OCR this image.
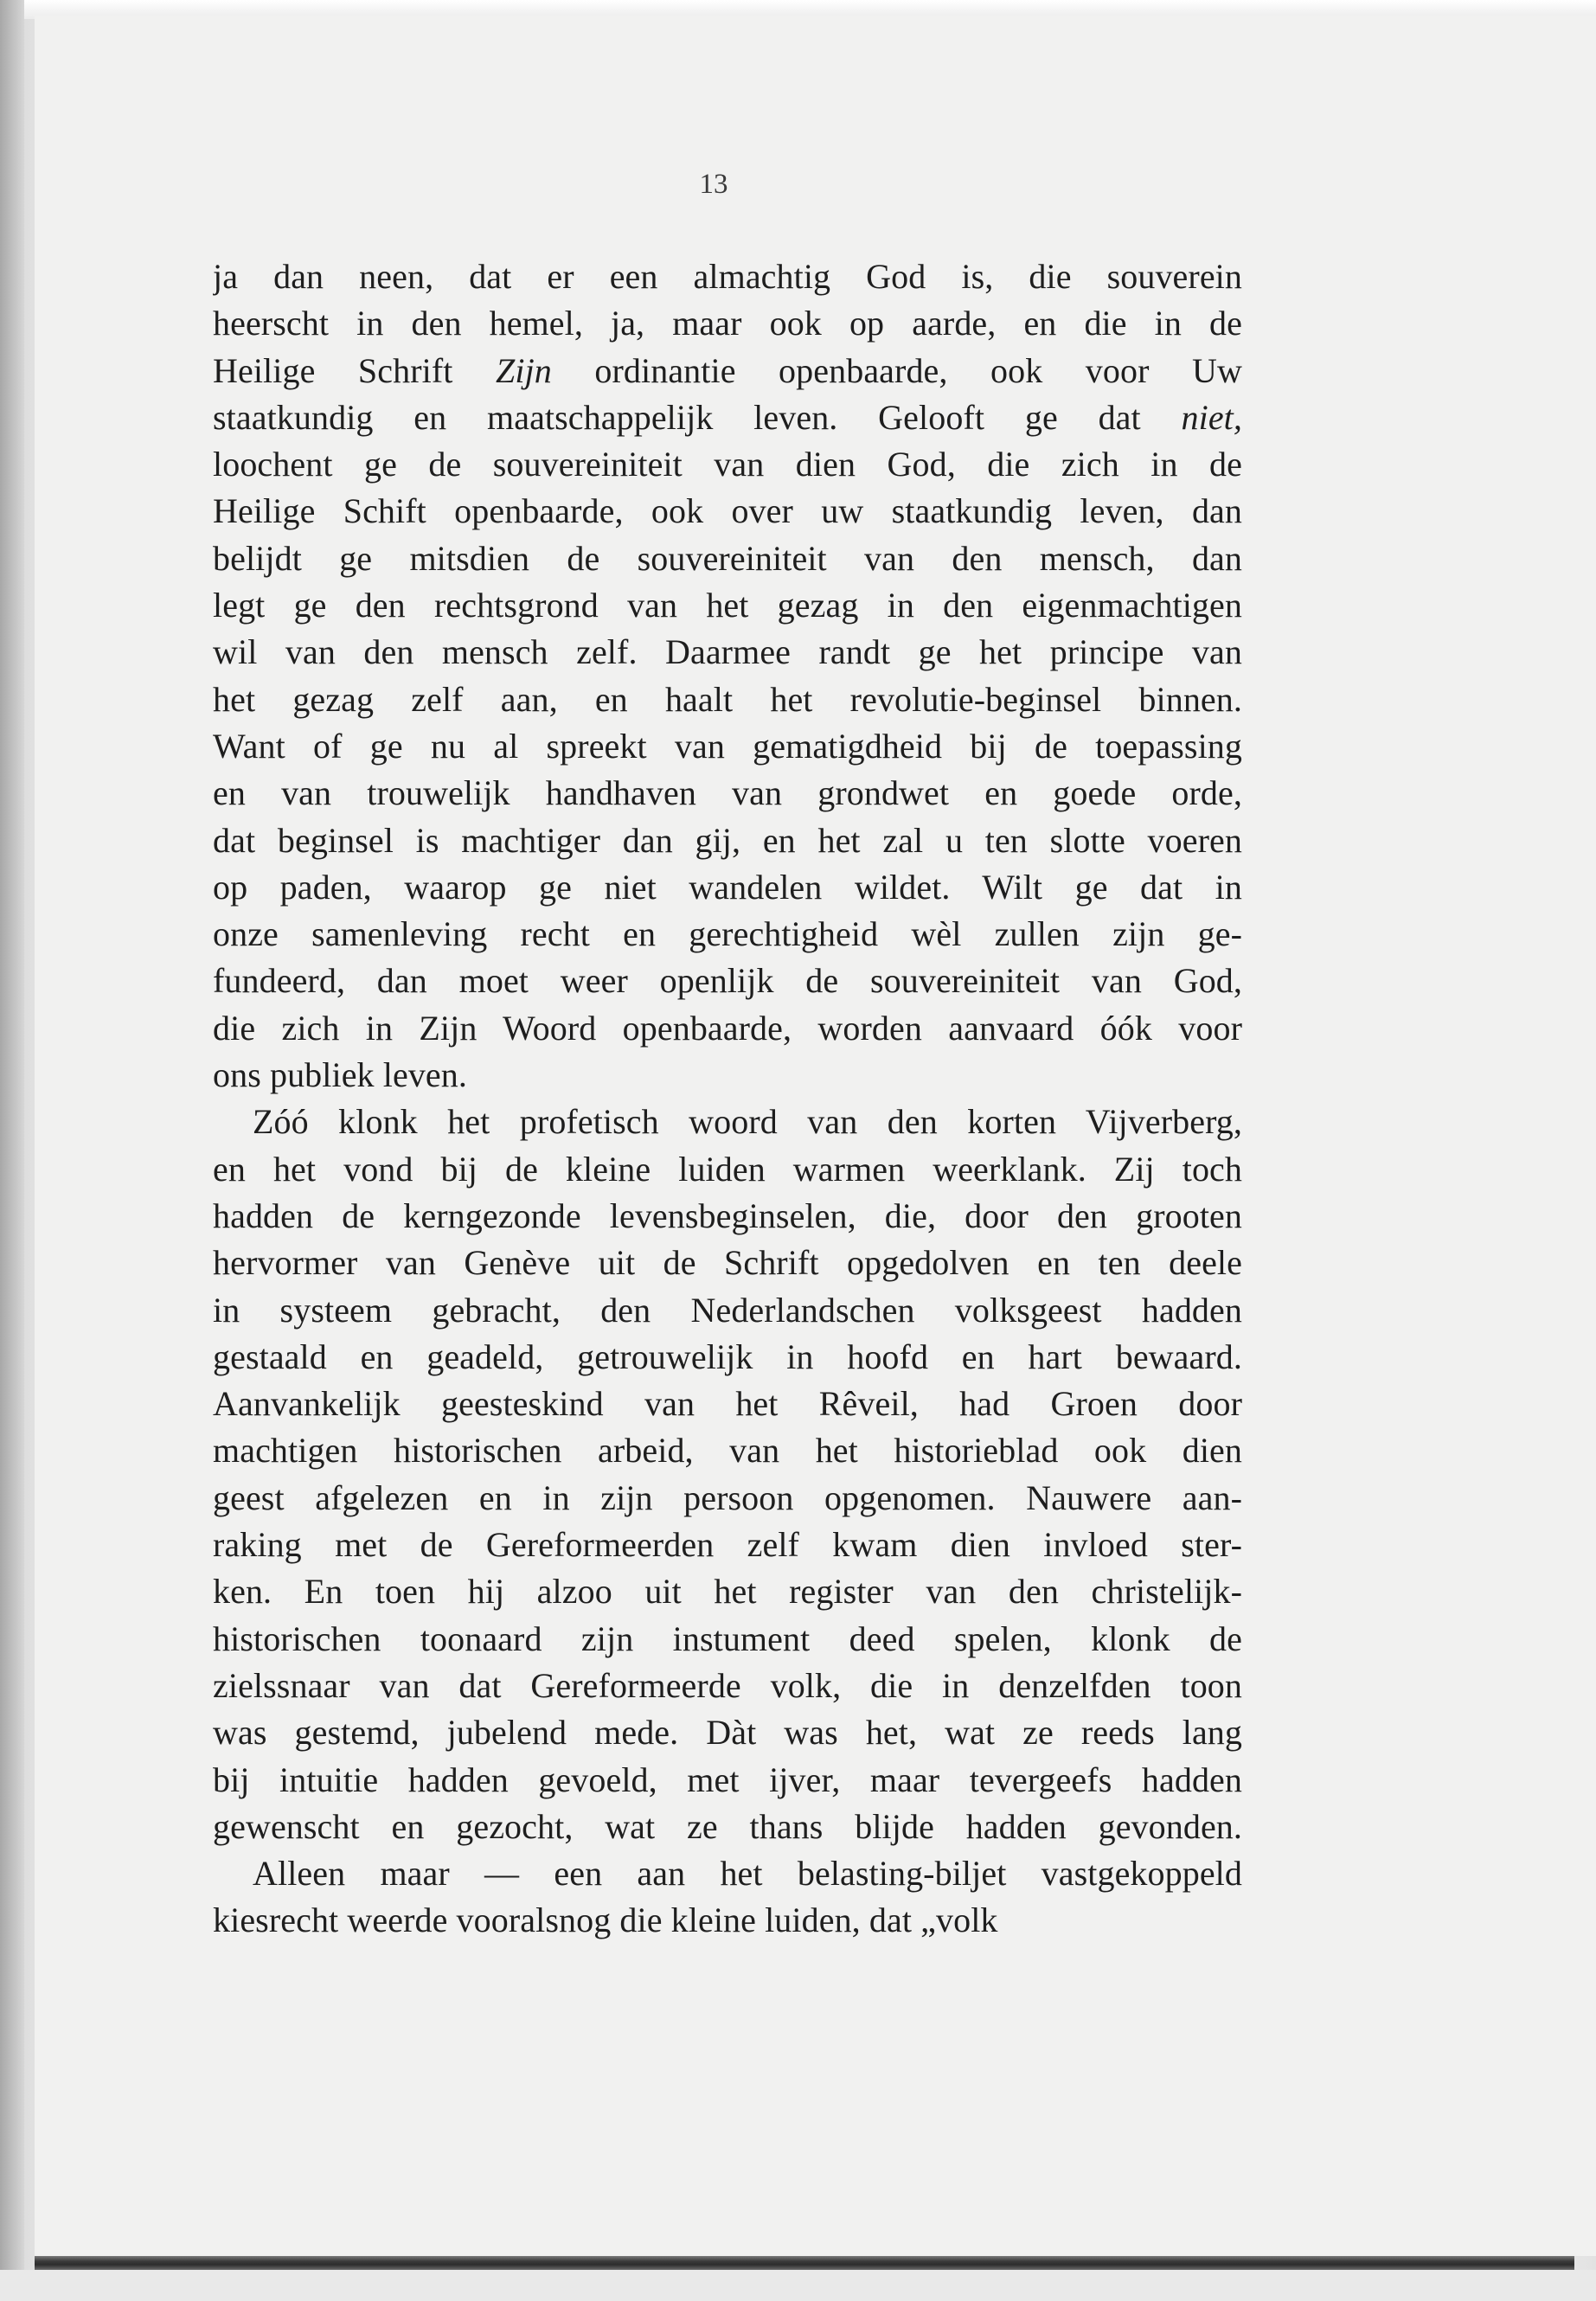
13
ja dan neen, dat er een almachtig God is, die souverein
heerscht in den hemel, ja, maar ook op aarde, en die in de
Heilige Schrift Zijn ordinantie openbaarde, ook voor Uw
staatkundig en maatschappelijk leven. Gelooft ge dat niet,
loochent ge de souvereiniteit van dien God, die zich in de
Heilige Schift openbaarde, ook over uw staatkundig leven, dan
belijdt ge mitsdien de souvereiniteit van den mensch, dan
legt ge den rechtsgrond van het gezag in den eigenmachtigen
wil van den mensch zelf. Daarmee randt ge het principe van
het gezag zelf aan, en haalt het revolutie-beginsel binnen.
Want of ge nu al spreekt van gematigdheid bij de toepassing
en van trouwelijk handhaven van grondwet en goede orde,
dat beginsel is machtiger dan gij, en het zal u ten slotte voeren
op paden, waarop ge niet wandelen wildet. Wilt ge dat in
onze samenleving recht en gerechtigheid wèl zullen zijn ge-
fundeerd, dan moet weer openlijk de souvereiniteit van God,
die zich in Zijn Woord openbaarde, worden aanvaard óók voor
ons publiek leven.
Zóó klonk het profetisch woord van den korten Vijverberg,
en het vond bij de kleine luiden warmen weerklank. Zij toch
hadden de kerngezonde levensbeginselen, die, door den grooten
hervormer van Genève uit de Schrift opgedolven en ten deele
in systeem gebracht, den Nederlandschen volksgeest hadden
gestaald en geadeld, getrouwelijk in hoofd en hart bewaard.
Aanvankelijk geesteskind van het Rêveil, had Groen door
machtigen historischen arbeid, van het historieblad ook dien
geest afgelezen en in zijn persoon opgenomen. Nauwere aan-
raking met de Gereformeerden zelf kwam dien invloed ster-
ken. En toen hij alzoo uit het register van den christelijk-
historischen toonaard zijn instument deed spelen, klonk de
zielssnaar van dat Gereformeerde volk, die in denzelfden toon
was gestemd, jubelend mede. Dàt was het, wat ze reeds lang
bij intuitie hadden gevoeld, met ijver, maar tevergeefs hadden
gewenscht en gezocht, wat ze thans blijde hadden gevonden.
Alleen maar — een aan het belasting-biljet vastgekoppeld
kiesrecht weerde vooralsnog die kleine luiden, dat „volk
